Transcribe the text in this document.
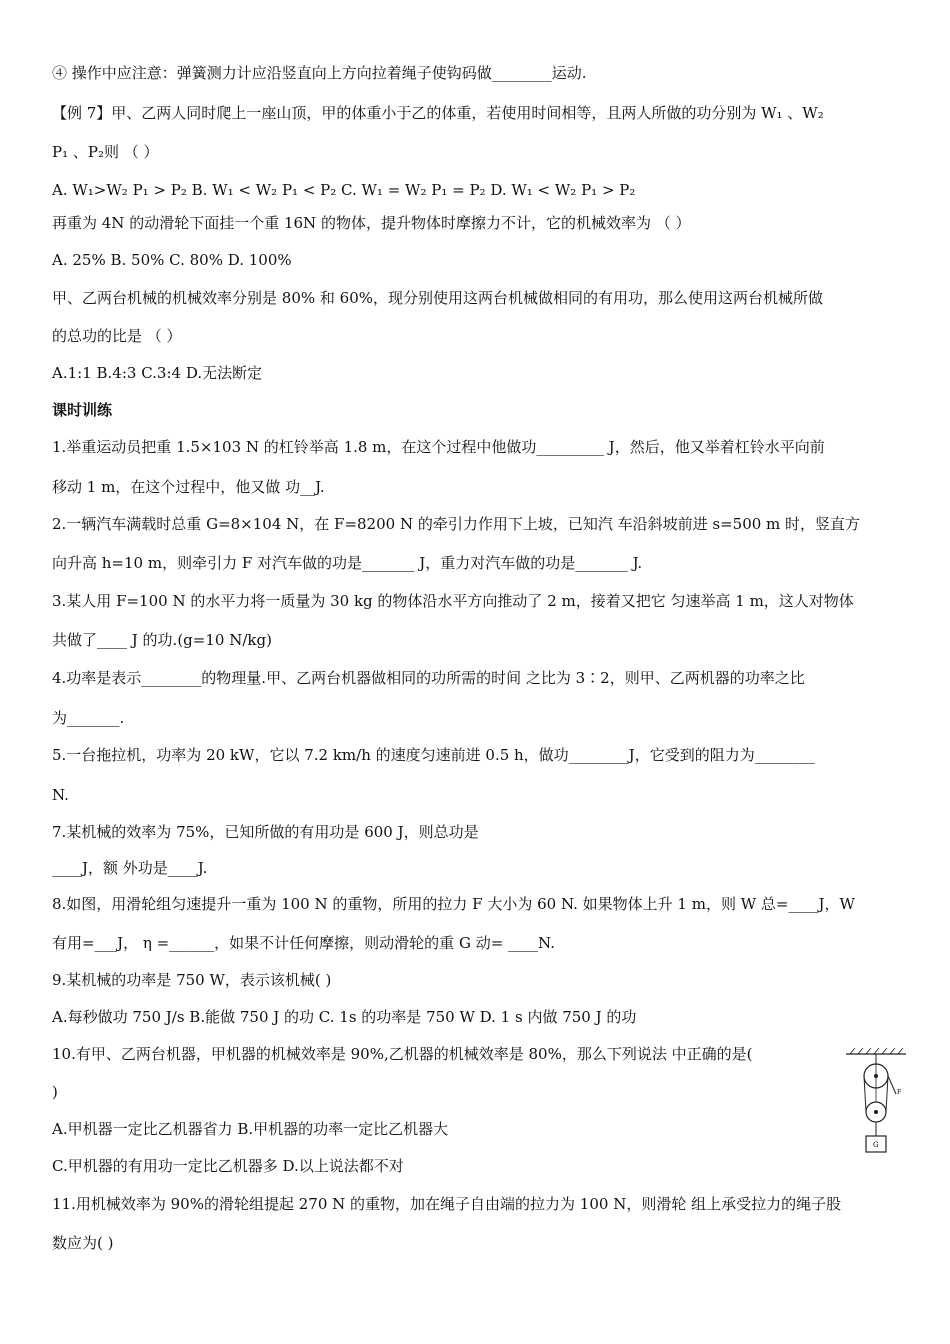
④ 操作中应注意：弹簧测力计应沿竖直向上方向拉着绳子使钩码做________运动.
【例 7】甲、乙两人同时爬上一座山顶，甲的体重小于乙的体重，若使用时间相等，且两人所做的功分别为 W₁ 、W₂
P₁ 、P₂则 （ ）
A. W₁>W₂ P₁ > P₂ B. W₁ < W₂ P₁ < P₂ C. W₁ = W₂ P₁ = P₂ D. W₁ < W₂ P₁ > P₂
再重为 4N 的动滑轮下面挂一个重 16N 的物体，提升物体时摩擦力不计，它的机械效率为 （ ）
A. 25% B. 50% C. 80% D. 100%
甲、乙两台机械的机械效率分别是 80% 和 60%，现分别使用这两台机械做相同的有用功，那么使用这两台机械所做
的总功的比是 （ ）
A.1:1 B.4:3 C.3:4 D.无法断定
课时训练
1.举重运动员把重 1.5×103 N 的杠铃举高 1.8 m，在这个过程中他做功_________ J，然后，他又举着杠铃水平向前
移动 1 m，在这个过程中，他又做 功__J.
2.一辆汽车满载时总重 G=8×104 N，在 F=8200 N 的牵引力作用下上坡，已知汽 车沿斜坡前进 s=500 m 时，竖直方
向升高 h=10 m，则牵引力 F 对汽车做的功是_______ J，重力对汽车做的功是_______ J.
3.某人用 F=100 N 的水平力将一质量为 30 kg 的物体沿水平方向推动了 2 m，接着又把它 匀速举高 1 m，这人对物体
共做了____ J 的功.(g=10 N/kg)
4.功率是表示________的物理量.甲、乙两台机器做相同的功所需的时间 之比为 3∶2，则甲、乙两机器的功率之比
为_______.
5.一台拖拉机，功率为 20 kW，它以 7.2 km/h 的速度匀速前进 0.5 h，做功________J，它受到的阻力为________
N.
7.某机械的效率为 75%，已知所做的有用功是 600 J，则总功是
____J，额 外功是____J.
8.如图，用滑轮组匀速提升一重为 100 N 的重物，所用的拉力 F 大小为 60 N. 如果物体上升 1 m，则 W 总=____J，W
有用=___J， η =______，如果不计任何摩擦，则动滑轮的重 G 动= ____N.
9.某机械的功率是 750 W，表示该机械( )
A.每秒做功 750 J/s B.能做 750 J 的功 C. 1s 的功率是 750 W D. 1 s 内做 750 J 的功
10.有甲、乙两台机器，甲机器的机械效率是 90%,乙机器的机械效率是 80%，那么下列说法 中正确的是(
)
A.甲机器一定比乙机器省力 B.甲机器的功率一定比乙机器大
C.甲机器的有用功一定比乙机器多 D.以上说法都不对
11.用机械效率为 90%的滑轮组提起 270 N 的重物，加在绳子自由端的拉力为 100 N，则滑轮 组上承受拉力的绳子股
数应为( )
F
G
